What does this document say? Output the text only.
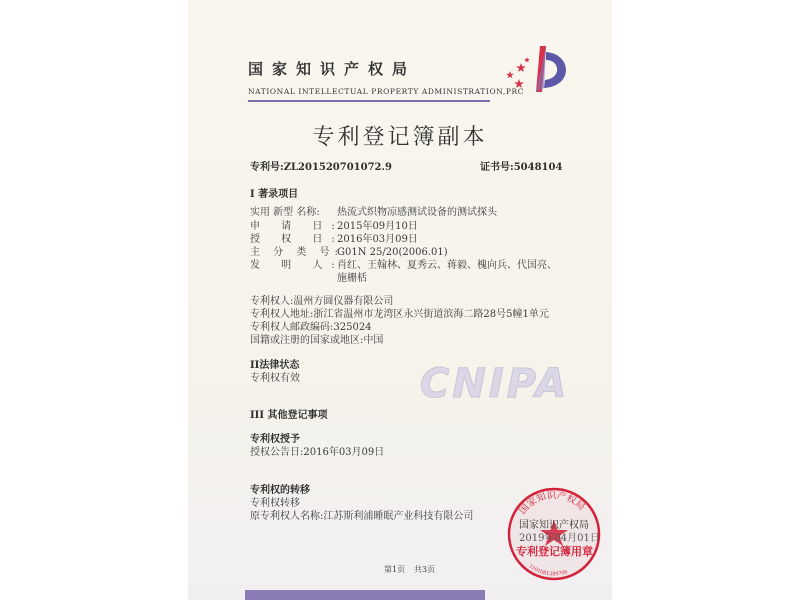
国家知识产权局
NATIONAL INTELLECTUAL PROPERTY ADMINISTRATION,PRC
专利登记簿副本
专利号:ZL201520701072.9	证书号:5048104
I 著录项目
实用 新型 名称: 热流式织物凉感测试设备的测试探头
申 请 日:
2015年09月10日
授 权 日:
2016年03月09日
主 分 类 号:
G01N 25/20(2006.01)
发 明 人:
肖红、王翰林、夏秀云、蒋毅、槐向兵、代国亮、
施栅栝
专利权人:温州方圆仪器有限公司
专利权人地址:浙江省温州市龙湾区永兴街道滨海二路28号5幢1单元
专利权人邮政编码:325024
国籍或注册的国家或地区:中国
II法律状态
专利权有效	CNIPA
III 其他登记事项
专利权授予
授权公告日:2016年03月09日
专利权的转移
专利权转移
原专利权人名称:江苏斯利浦睡眠产业科技有限公司
第1页 共3页
国家知识产权局
1101081389700
国家知识产权局
2019年04月01日
专利登记簿用章
